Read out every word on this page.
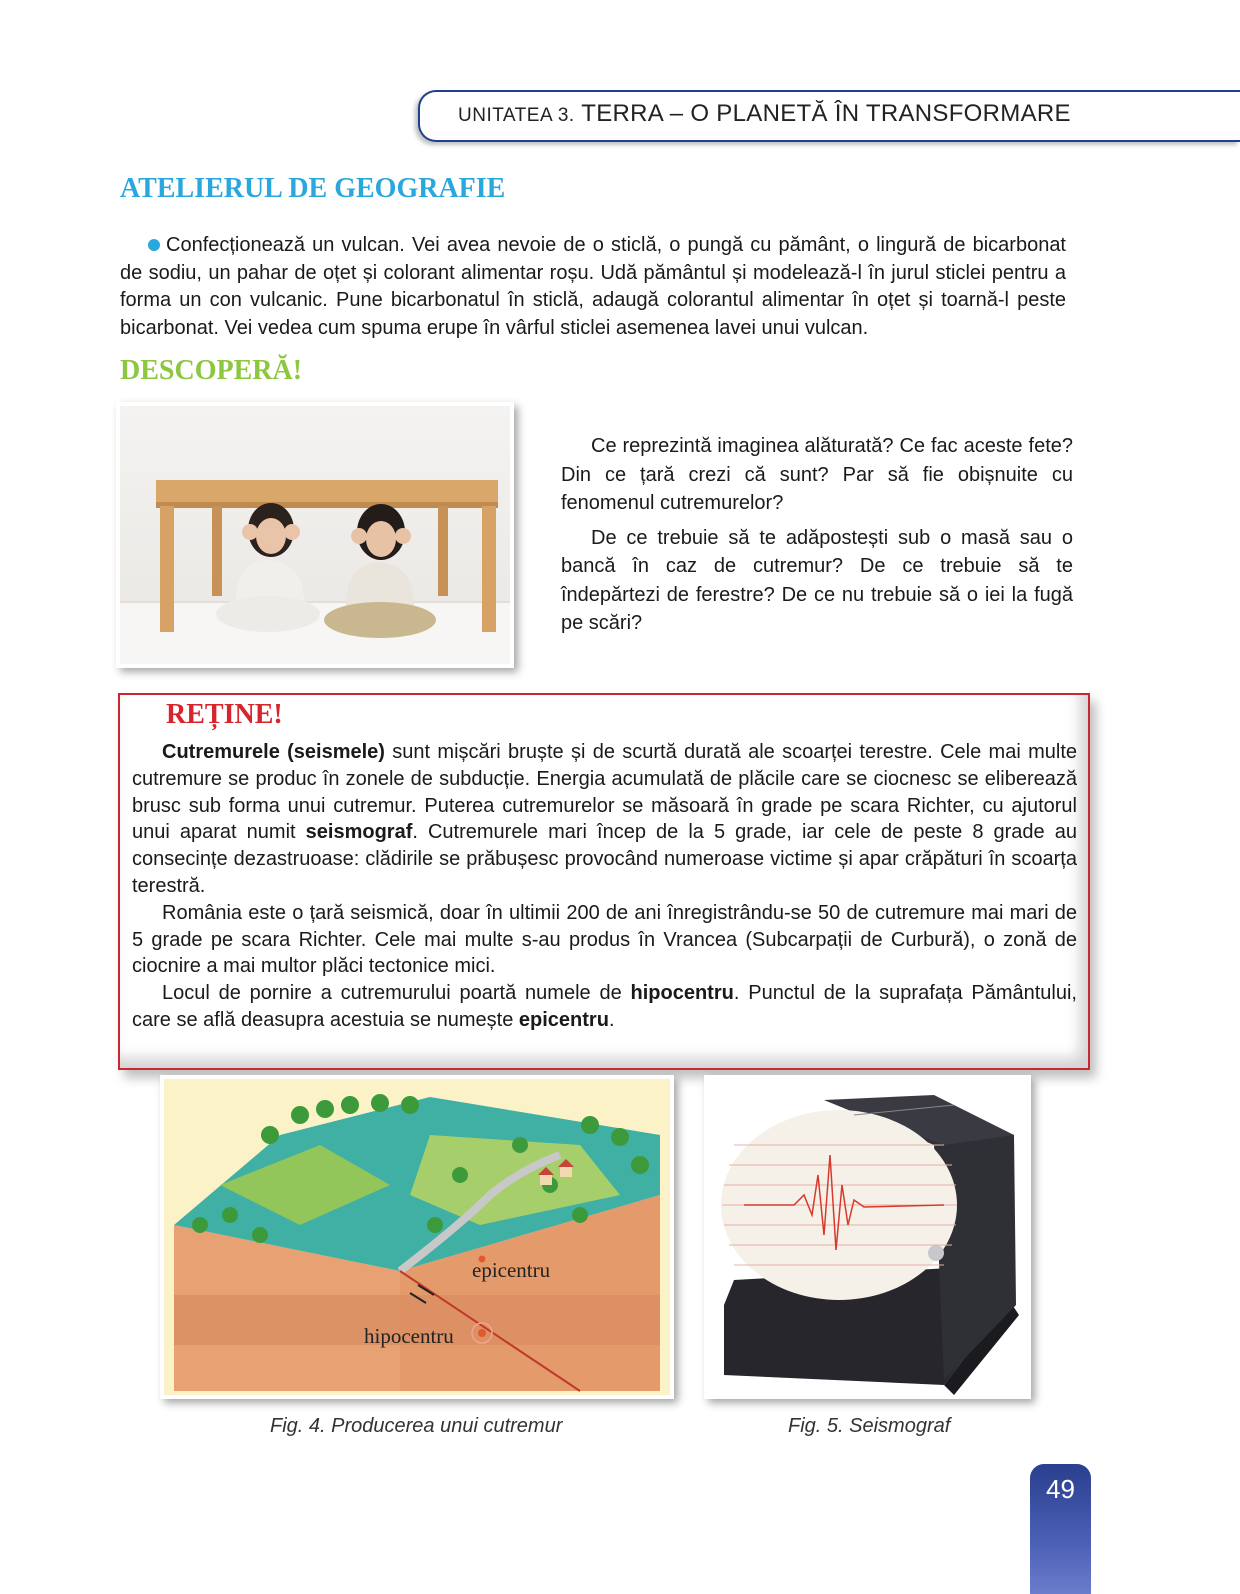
UNITATEA 3. TERRA – O PLANETĂ ÎN TRANSFORMARE
ATELIERUL DE GEOGRAFIE
Confecționează un vulcan. Vei avea nevoie de o sticlă, o pungă cu pământ, o lingură de bicarbonat de sodiu, un pahar de oțet și colorant alimentar roșu. Udă pământul și modelează-l în jurul sticlei pentru a forma un con vulcanic. Pune bicarbonatul în sticlă, adaugă colorantul alimentar în oțet și toarnă-l peste bicarbonat. Vei vedea cum spuma erupe în vârful sticlei asemenea lavei unui vulcan.
DESCOPERĂ!

Ce reprezintă imaginea alăturată? Ce fac aceste fete? Din ce țară crezi că sunt? Par să fie obișnuite cu fenomenul cutremurelor?

De ce trebuie să te adăpostești sub o masă sau o bancă în caz de cutremur? De ce trebuie să te îndepărtezi de ferestre? De ce nu trebuie să o iei la fugă pe scări?

REȚINE!

Cutremurele (seismele) sunt mișcări bruște și de scurtă durată ale scoarței terestre. Cele mai multe cutremure se produc în zonele de subducție. Energia acumulată de plăcile care se ciocnesc se eliberează brusc sub forma unui cutremur. Puterea cutremurelor se măsoară în grade pe scara Richter, cu ajutorul unui aparat numit seismograf. Cutremurele mari încep de la 5 grade, iar cele de peste 8 grade au consecințe dezastruoase: clădirile se prăbușesc provocând numeroase victime și apar crăpături în scoarța terestră.

România este o țară seismică, doar în ultimii 200 de ani înregistrându-se 50 de cutremure mai mari de 5 grade pe scara Richter. Cele mai multe s-au produs în Vrancea (Subcarpații de Curbură), o zonă de ciocnire a mai multor plăci tectonice mici.

Locul de pornire a cutremurului poartă numele de hipocentru. Punctul de la suprafața Pământului, care se află deasupra acestuia se numește epicentru.

epicentru
hipocentru
Fig. 4. Producerea unui cutremur	Fig. 5. Seismograf
49
